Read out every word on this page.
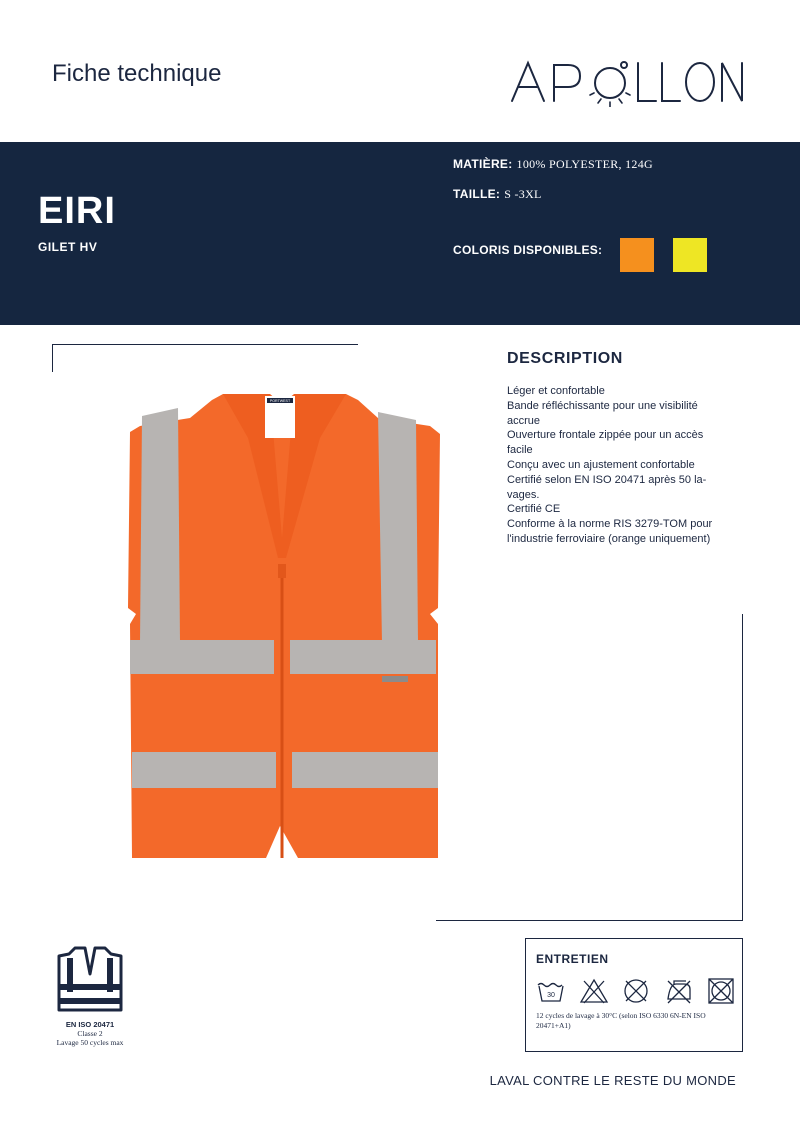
Fiche technique
EIRI
GILET HV
MATIÈRE: 100% POLYESTER, 124G
TAILLE: S -3XL
COLORIS DISPONIBLES:
PORTWEST
DESCRIPTION
Léger et confortable
Bande réfléchissante pour une visibilité
accrue
Ouverture frontale zippée pour un accès
facile
Conçu avec un ajustement confortable
Certifié selon EN ISO 20471 après 50 la-
vages.
Certifié CE
Conforme à la norme RIS 3279-TOM pour
l'industrie ferroviaire (orange uniquement)
EN ISO 20471
Classe 2
Lavage 50 cycles max
ENTRETIEN
30
12 cycles de lavage à 30°C (selon ISO 6330 6N-EN ISO 20471+A1)
LAVAL CONTRE LE RESTE DU MONDE
